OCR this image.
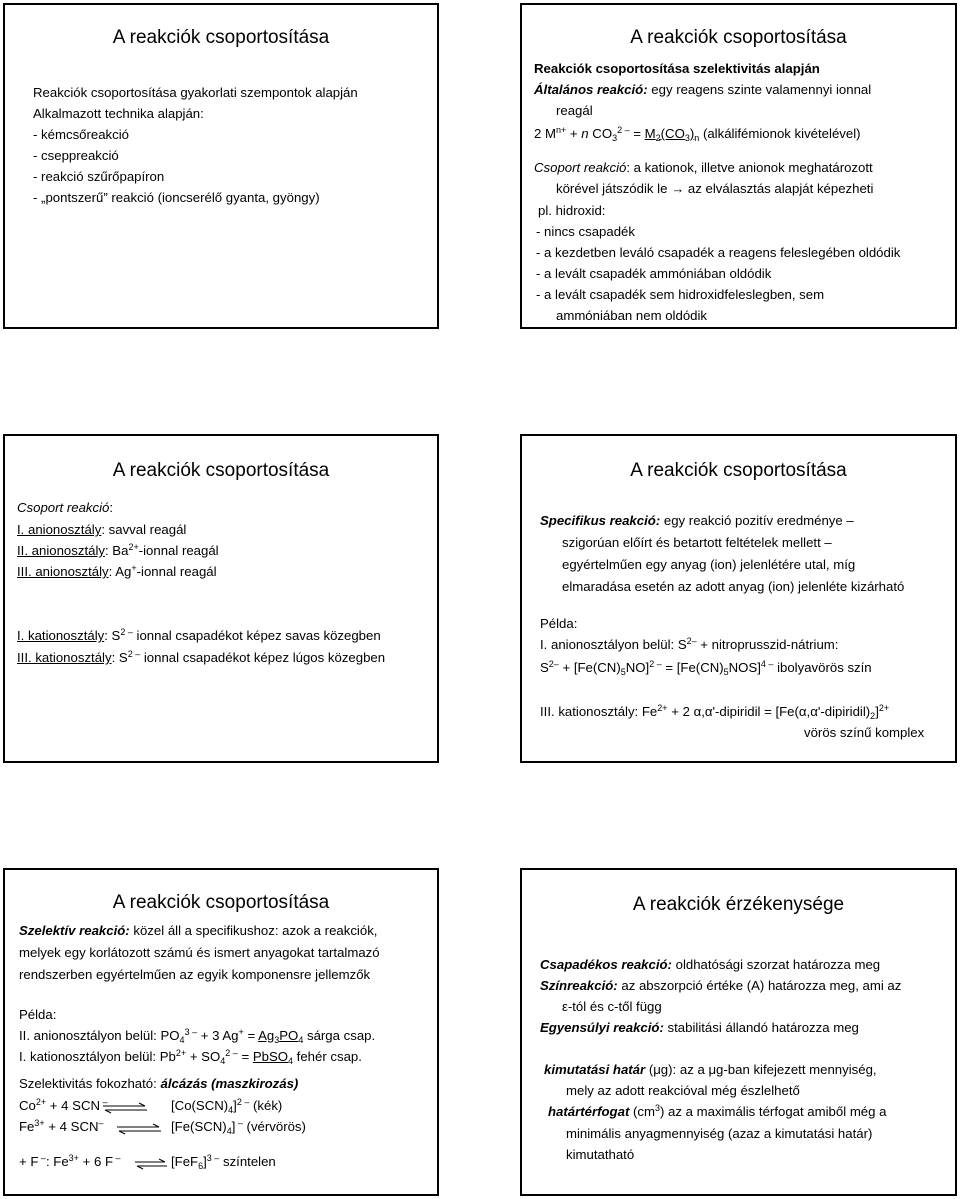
A reakciók csoportosítása
Reakciók csoportosítása gyakorlati szempontok alapján
Alkalmazott technika alapján:
- kémcsőreakció
- cseppreakció
- reakció szűrőpapíron
- „pontszerű” reakció (ioncserélő gyanta, gyöngy)
A reakciók csoportosítása
Reakciók csoportosítása szelektivitás alapján
Általános reakció: egy reagens szinte valamennyi ionnal
reagál
2 $M^{n+} + n$ $CO_3^{2 -} = M_2(CO_3)_n$ (alkálifémionok kivételével)
Csoport reakció: a kationok, illetve anionok meghatározott
körével játszódik le → az elválasztás alapját képezheti
pl. hidroxid:
- nincs csapadék
- a kezdetben leváló csapadék a reagens feleslegében oldódik
- a levált csapadék ammóniában oldódik
- a levált csapadék sem hidroxidfeleslegben, sem
ammóniában nem oldódik
A reakciók csoportosítása
Csoport reakció:
I. anionosztály: savval reagál
II. anionosztály: $Ba^{2+}$-ionnal reagál
III. anionosztály: Ag+-ionnal reagál
I. kationosztály: $S^{2 -}$ ionnal csapadékot képez savas közegben
III. kationosztály: $S^{2 -}$ ionnal csapadékot képez lúgos közegben
A reakciók csoportosítása
Specifikus reakció: egy reakció pozitív eredménye –
szigorúan előírt és betartott feltételek mellett –
egyértelműen egy anyag (ion) jelenlétére utal, míg
elmaradása esetén az adott anyag (ion) jelenléte kizárható
Példa:
I. anionosztályon belül: $S^{2-}$ + nitroprusszid-nátrium:
$S^{2-} + [Fe(CN)_5NO]^{2 -} = [Fe(CN)_5NOS]^{4 -}$ ibolyavörös szín
III. kationosztály: $Fe^{2+} + 2$ α,α'-dipiridil = $[Fe(\alpha,\alpha'-dipiridil)_2]^{2+}$
vörös színű komplex
A reakciók csoportosítása
Szelektív reakció: közel áll a specifikushoz: azok a reakciók,
melyek egy korlátozott számú és ismert anyagokat tartalmazó
rendszerben egyértelműen az egyik komponensre jellemzők
Példa:
II. anionosztályon belül: $PO_4^{3 -} + 3$ $Ag^+ = Ag_3PO_4$ sárga csap.
I. kationosztályon belül: $Pb^{2+} + SO_4^{2 -}$ = PbSO$_4$ fehér csap.
Szelektivitás fokozható: álcázás (maszkirozás)
$Co^{2+} + 4$ SCN – ⇌ $[Co(SCN)_4]^{2 -}$ (kék)
$Fe^{3+} + 4$ SCN– ⇌ $[Fe(SCN)_4]$ – (vérvörös)
+ F –: $Fe^{3+} + 6$ F – ⇌ $[FeF_6]^{3 -}$ színtelen
A reakciók érzékenysége
Csapadékos reakció: oldhatósági szorzat határozza meg
Színreakció: az abszorpció értéke (A) határozza meg, ami az
ε-tól és c-től függ
Egyensúlyi reakció: stabilitási állandó határozza meg
kimutatási határ (μg): az a μg-ban kifejezett mennyiség,
mely az adott reakcióval még észlelhető
határtérfogat $(cm^3)$ az a maximális térfogat amiből még a
minimális anyagmennyiség (azaz a kimutatási határ)
kimutatható
